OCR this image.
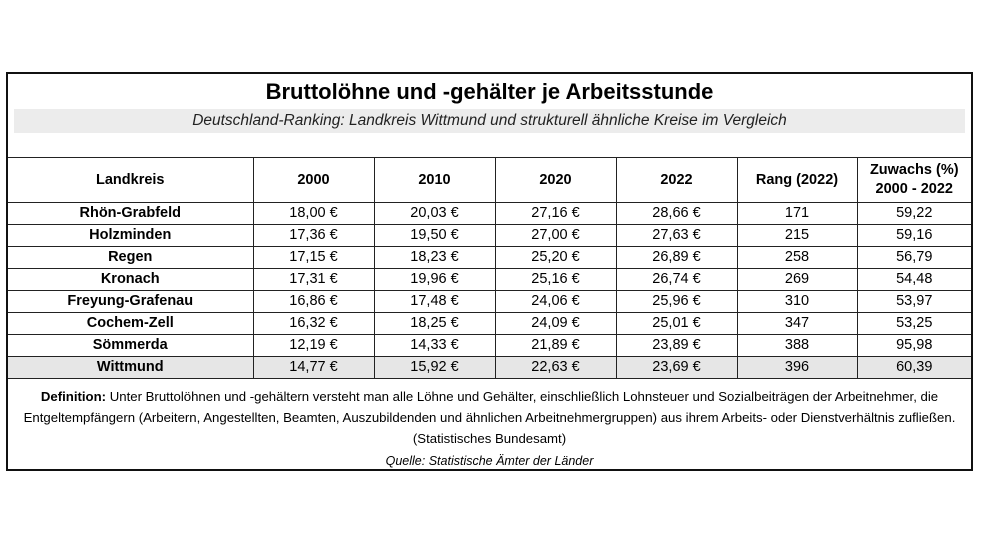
Bruttolöhne und -gehälter je Arbeitsstunde
Deutschland-Ranking: Landkreis Wittmund und strukturell ähnliche Kreise im Vergleich
Landkreis	2000	2010	2020	2022	Rang (2022)	Zuwachs (%)
2000 - 2022

Rhön-Grabfeld	18,00 €	20,03 €	27,16 €	28,66 €	171	59,22
Holzminden	17,36 €	19,50 €	27,00 €	27,63 €	215	59,16
Regen	17,15 €	18,23 €	25,20 €	26,89 €	258	56,79
Kronach	17,31 €	19,96 €	25,16 €	26,74 €	269	54,48
Freyung-Grafenau	16,86 €	17,48 €	24,06 €	25,96 €	310	53,97
Cochem-Zell	16,32 €	18,25 €	24,09 €	25,01 €	347	53,25
Sömmerda	12,19 €	14,33 €	21,89 €	23,89 €	388	95,98
Wittmund	14,77 €	15,92 €	22,63 €	23,69 €	396	60,39
Definition: Unter Bruttolöhnen und -gehältern versteht man alle Löhne und Gehälter, einschließlich Lohnsteuer und Sozialbeiträgen der Arbeitnehmer, die Entgeltempfängern (Arbeitern, Angestellten, Beamten, Auszubildenden und ähnlichen Arbeitnehmergruppen) aus ihrem Arbeits- oder Dienstverhältnis zufließen. (Statistisches Bundesamt)
Quelle: Statistische Ämter der Länder
